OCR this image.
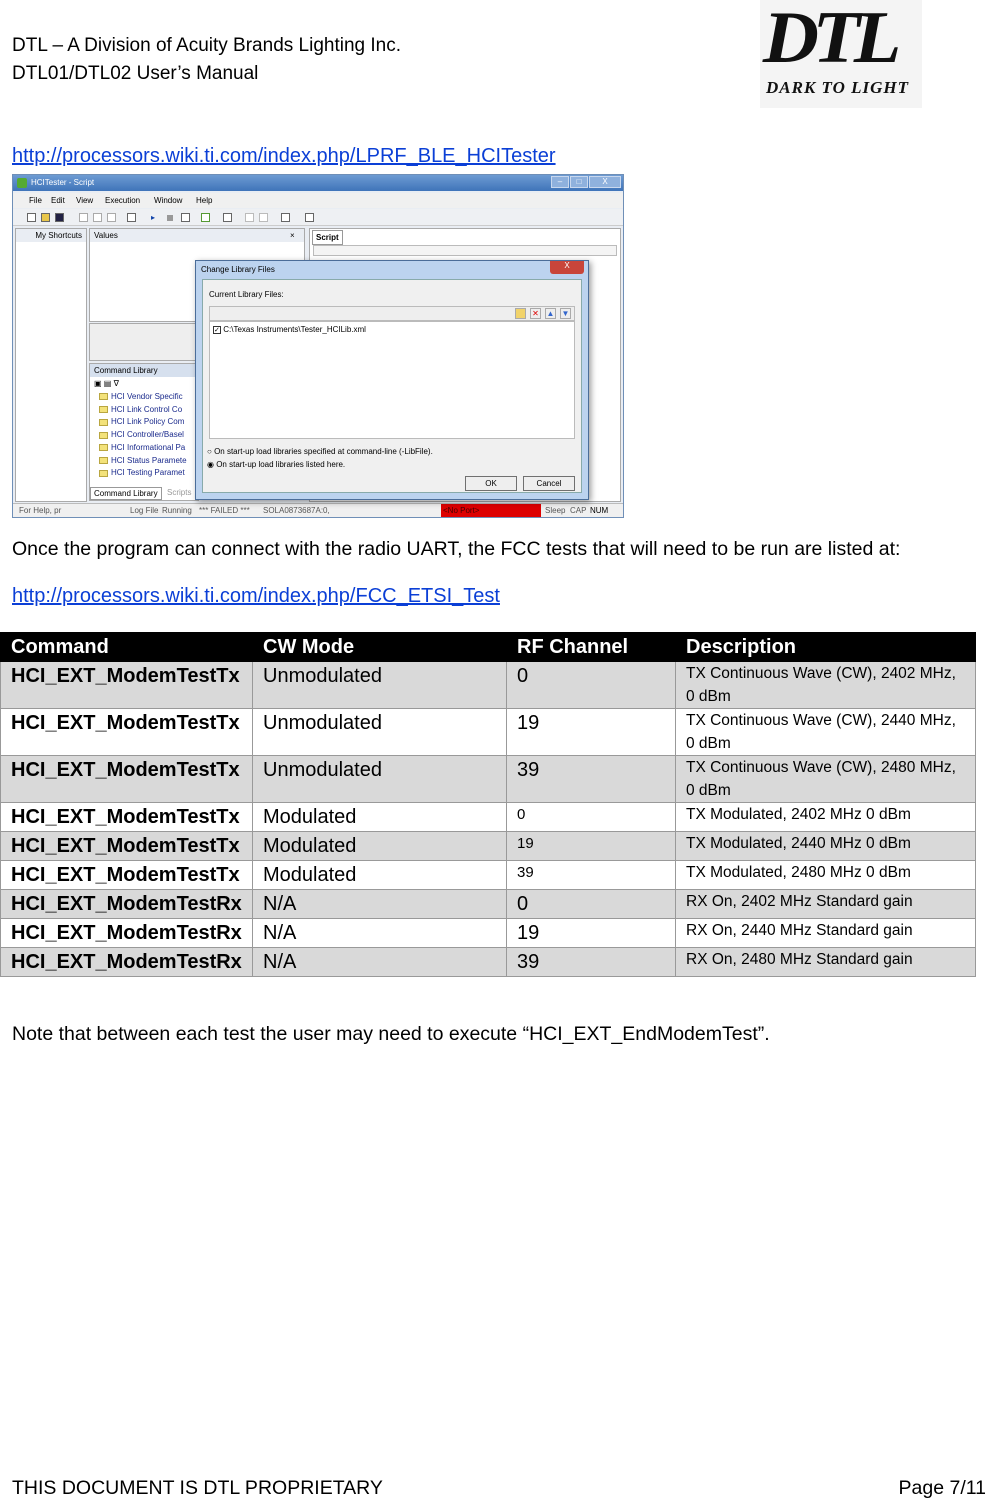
DTL – A Division of Acuity Brands Lighting Inc.
DTL01/DTL02 User’s Manual	DTL
DARK TO LIGHT
http://processors.wiki.ti.com/index.php/LPRF_BLE_HCITester
HCITester - Script	–	□	X
File Edit View Execution Window Help
▸
My Shortcuts	Values	×
Command Library
▣ ▤ ∇
HCI Vendor Specific
HCI Link Control Co
HCI Link Policy Com
HCI Controller/Basel
HCI Informational Pa
HCI Status Paramete
HCI Testing Paramet
Command Library	Scripts
Script
For Help, pr	Log File Running *** FAILED *** SOLA0873687A:0,	<No Port>	Sleep CAP NUM
Change Library Files	X
Current Library Files:
✕ ▲ ▼
✓ C:\Texas Instruments\Tester_HCILib.xml
○ On start-up load libraries specified at command-line (-LibFile).
◉ On start-up load libraries listed here.
OK	Cancel
Once the program can connect with the radio UART, the FCC tests that will need to be run are listed at:
http://processors.wiki.ti.com/index.php/FCC_ETSI_Test
Command	CW Mode	RF Channel	Description
HCI_EXT_ModemTestTx	Unmodulated	0	TX Continuous Wave (CW), 2402 MHz, 0 dBm
HCI_EXT_ModemTestTx	Unmodulated	19	TX Continuous Wave (CW), 2440 MHz, 0 dBm
HCI_EXT_ModemTestTx	Unmodulated	39	TX Continuous Wave (CW), 2480 MHz, 0 dBm
HCI_EXT_ModemTestTx	Modulated	0	TX Modulated, 2402 MHz 0 dBm
HCI_EXT_ModemTestTx	Modulated	19	TX Modulated, 2440 MHz 0 dBm
HCI_EXT_ModemTestTx	Modulated	39	TX Modulated, 2480 MHz 0 dBm
HCI_EXT_ModemTestRx	N/A	0	RX On, 2402 MHz Standard gain
HCI_EXT_ModemTestRx	N/A	19	RX On, 2440 MHz Standard gain
HCI_EXT_ModemTestRx	N/A	39	RX On, 2480 MHz Standard gain
Note that between each test the user may need to execute “HCI_EXT_EndModemTest”.
THIS DOCUMENT IS DTL PROPRIETARY	Page 7/11
